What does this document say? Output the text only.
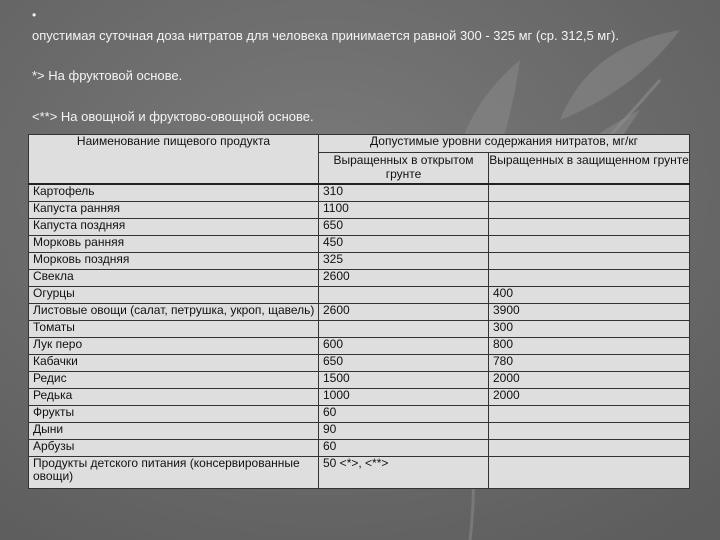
•
опустимая суточная доза нитратов для человека принимается равной 300 - 325 мг (ср. 312,5 мг).
*> На фруктовой основе.
<**> На овощной и фруктово-овощной основе.
Наименование пищевого продукта	Допустимые уровни содержания нитратов, мг/кг	
	Выращенных в открытом грунте	Выращенных в защищенном грунте
Картофель	310	
Капуста ранняя	1100	
Капуста поздняя	650	
Морковь ранняя	450	
Морковь поздняя	325	
Свекла	2600	
Огурцы		400
Листовые овощи (салат, петрушка, укроп, щавель)	2600	3900
Томаты		300
Лук перо	600	800
Кабачки	650	780
Редис	1500	2000
Редька	1000	2000
Фрукты	60	
Дыни	90	
Арбузы	60	
Продукты детского питания (консервированные овощи)	50 <*>, <**>	
